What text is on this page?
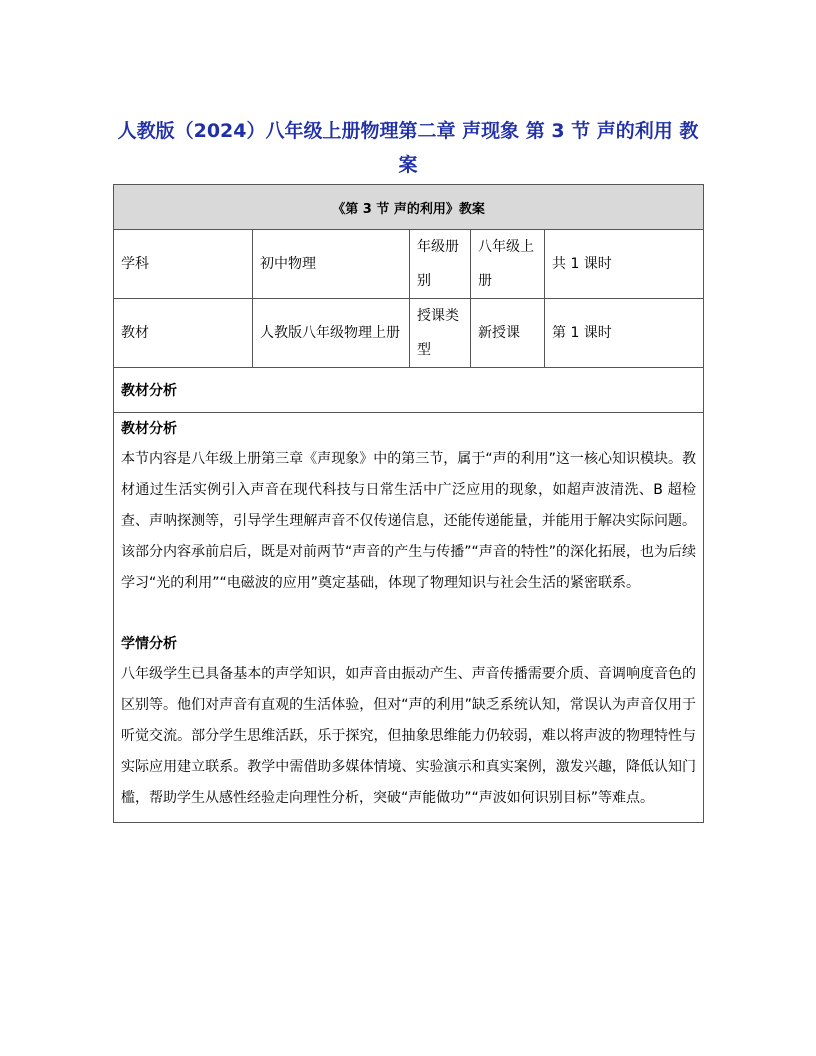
人教版（2024）八年级上册物理第二章 声现象 第 3 节 声的利用 教案
《第 3 节 声的利用》教案				
学科	初中物理	年级册别	八年级上册	共 1 课时
教材	人教版八年级物理上册	授课类型	新授课	第 1 课时
教材分析				

教材分析

本节内容是八年级上册第三章《声现象》中的第三节，属于“声的利用”这一核心知识模块。教材通过生活实例引入声音在现代科技与日常生活中广泛应用的现象，如超声波清洗、B 超检查、声呐探测等，引导学生理解声音不仅传递信息，还能传递能量，并能用于解决实际问题。该部分内容承前启后，既是对前两节“声音的产生与传播”“声音的特性”的深化拓展，也为后续学习“光的利用”“电磁波的应用”奠定基础，体现了物理知识与社会生活的紧密联系。

学情分析

八年级学生已具备基本的声学知识，如声音由振动产生、声音传播需要介质、音调响度音色的区别等。他们对声音有直观的生活体验，但对“声的利用”缺乏系统认知，常误认为声音仅用于听觉交流。部分学生思维活跃，乐于探究，但抽象思维能力仍较弱，难以将声波的物理特性与实际应用建立联系。教学中需借助多媒体情境、实验演示和真实案例，激发兴趣，降低认知门槛，帮助学生从感性经验走向理性分析，突破“声能做功”“声波如何识别目标”等难点。				
